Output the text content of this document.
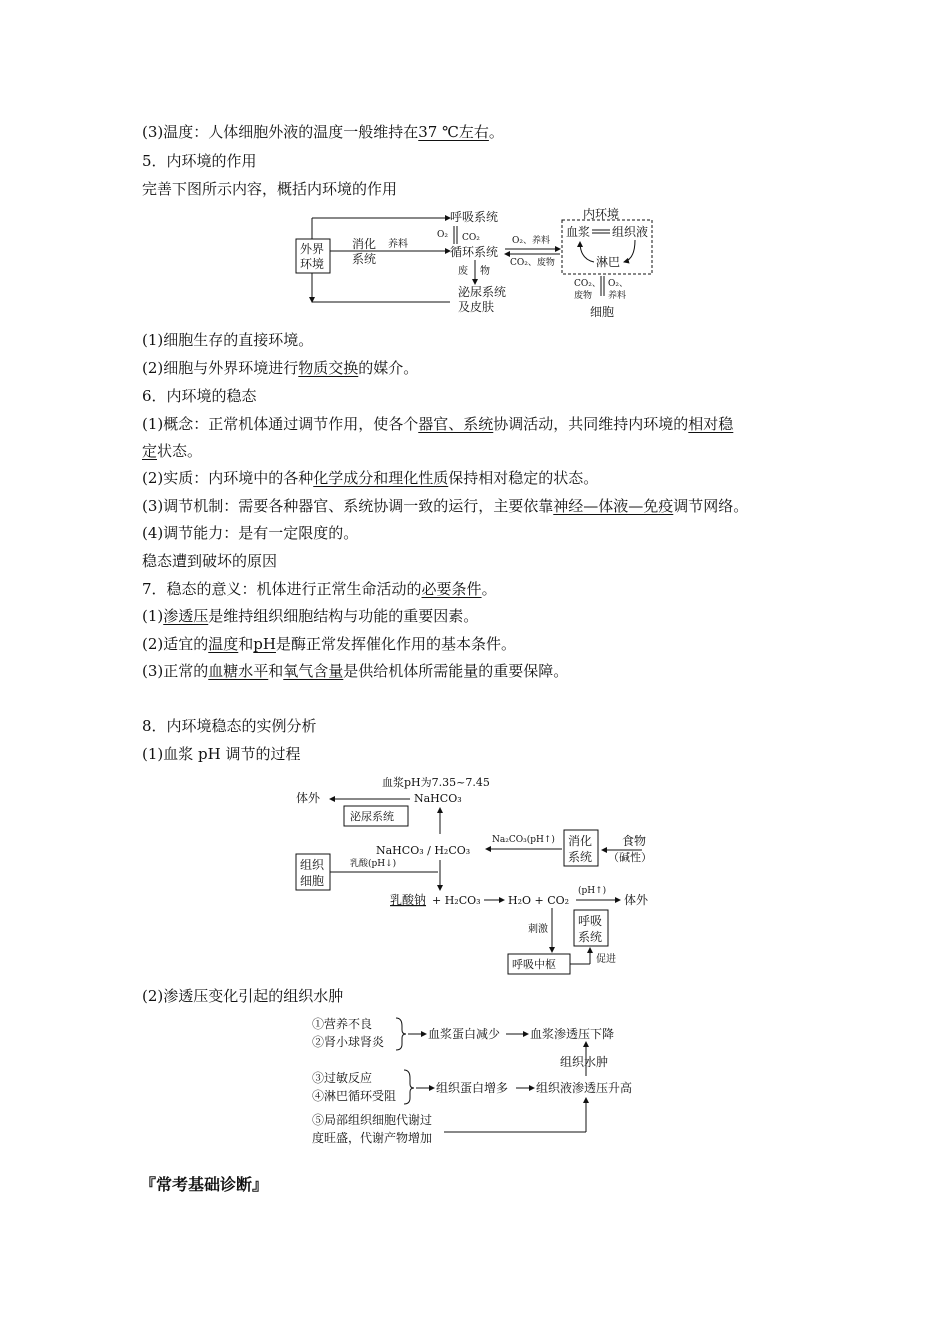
(3)温度：人体细胞外液的温度一般维持在37 ℃左右。
5．内环境的作用
完善下图所示内容，概括内环境的作用
外界
环境
消化
系统
养料
呼吸系统
O₂ CO₂
循环系统
废 物
泌尿系统
及皮肤
O₂、养料
CO₂、废物
内环境
血浆 组织液
淋巴
CO₂、
废物
O₂、
养料
细胞
(1)细胞生存的直接环境。
(2)细胞与外界环境进行物质交换的媒介。
6．内环境的稳态
(1)概念：正常机体通过调节作用，使各个器官、系统协调活动，共同维持内环境的相对稳
定状态。
(2)实质：内环境中的各种化学成分和理化性质保持相对稳定的状态。
(3)调节机制：需要各种器官、系统协调一致的运行，主要依靠神经—体液—免疫调节网络。
(4)调节能力：是有一定限度的。
稳态遭到破坏的原因
7．稳态的意义：机体进行正常生命活动的必要条件。
(1)渗透压是维持组织细胞结构与功能的重要因素。
(2)适宜的温度和pH是酶正常发挥催化作用的基本条件。
(3)正常的血糖水平和氧气含量是供给机体所需能量的重要保障。
8．内环境稳态的实例分析
(1)血浆 pH 调节的过程
血浆pH为7.35~7.45
体外	NaHCO₃
泌尿系统
NaHCO₃ / H₂CO₃
Na₂CO₃(pH↑) 消化
系统
食物
（碱性）
组织
细胞
乳酸(pH↓)
乳酸钠 + H₂CO₃ H₂O + CO₂
(pH↑)
体外
刺激
呼吸
系统
呼吸中枢	促进
(2)渗透压变化引起的组织水肿
①营养不良
②肾小球肾炎
血浆蛋白减少 血浆渗透压下降
组织水肿
③过敏反应
④淋巴循环受阻
组织蛋白增多 组织液渗透压升高
⑤局部组织细胞代谢过
度旺盛，代谢产物增加
『常考基础诊断』
